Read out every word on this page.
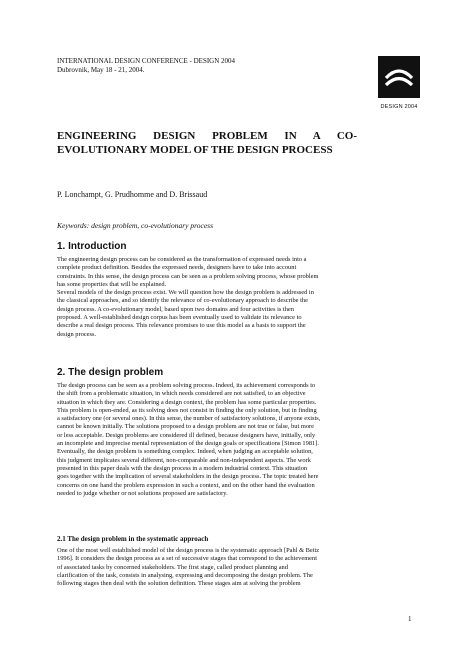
INTERNATIONAL DESIGN CONFERENCE - DESIGN 2004
Dubrovnik, May 18 - 21, 2004.
DESIGN 2004
ENGINEERING DESIGN PROBLEM IN A CO-EVOLUTIONARY MODEL OF THE DESIGN PROCESS
P. Lonchampt, G. Prudhomme and D. Brissaud
Keywords: design problem, co-evolutionary process
1. Introduction
The engineering design process can be considered as the transformation of expressed needs into a
complete product definition. Besides the expressed needs, designers have to take into account
constraints. In this sense, the design process can be seen as a problem solving process, whose problem
has some properties that will be explained.
Several models of the design process exist. We will question how the design problem is addressed in
the classical approaches, and so identify the relevance of co-evolutionary approach to describe the
design process. A co-evolutionary model, based upon two domains and four activities is then
proposed. A well-established design corpus has been eventually used to validate its relevance to
describe a real design process. This relevance promises to use this model as a basis to support the
design process.
2. The design problem
The design process can be seen as a problem solving process. Indeed, its achievement corresponds to
the shift from a problematic situation, in which needs considered are not satisfied, to an objective
situation in which they are. Considering a design context, the problem has some particular properties.
This problem is open-ended, as its solving does not consist in finding the only solution, but in finding
a satisfactory one (or several ones). In this sense, the number of satisfactory solutions, if anyone exists,
cannot be known initially. The solutions proposed to a design problem are not true or false, but more
or less acceptable. Design problems are considered ill defined, because designers have, initially, only
an incomplete and imprecise mental representation of the design goals or specifications [Simon 1981].
Eventually, the design problem is something complex. Indeed, when judging an acceptable solution,
this judgment implicates several different, non-comparable and non-independent aspects. The work
presented in this paper deals with the design process in a modern industrial context. This situation
goes together with the implication of several stakeholders in the design process. The topic treated here
concerns on one hand the problem expression in such a context, and on the other hand the evaluation
needed to judge whether or not solutions proposed are satisfactory.
2.1 The design problem in the systematic approach
One of the most well established model of the design process is the systematic approach [Pahl & Beitz
1996]. It considers the design process as a set of successive stages that correspond to the achievement
of associated tasks by concerned stakeholders. The first stage, called product planning and
clarification of the task, consists in analysing, expressing and decomposing the design problem. The
following stages then deal with the solution definition. These stages aim at solving the problem
1
